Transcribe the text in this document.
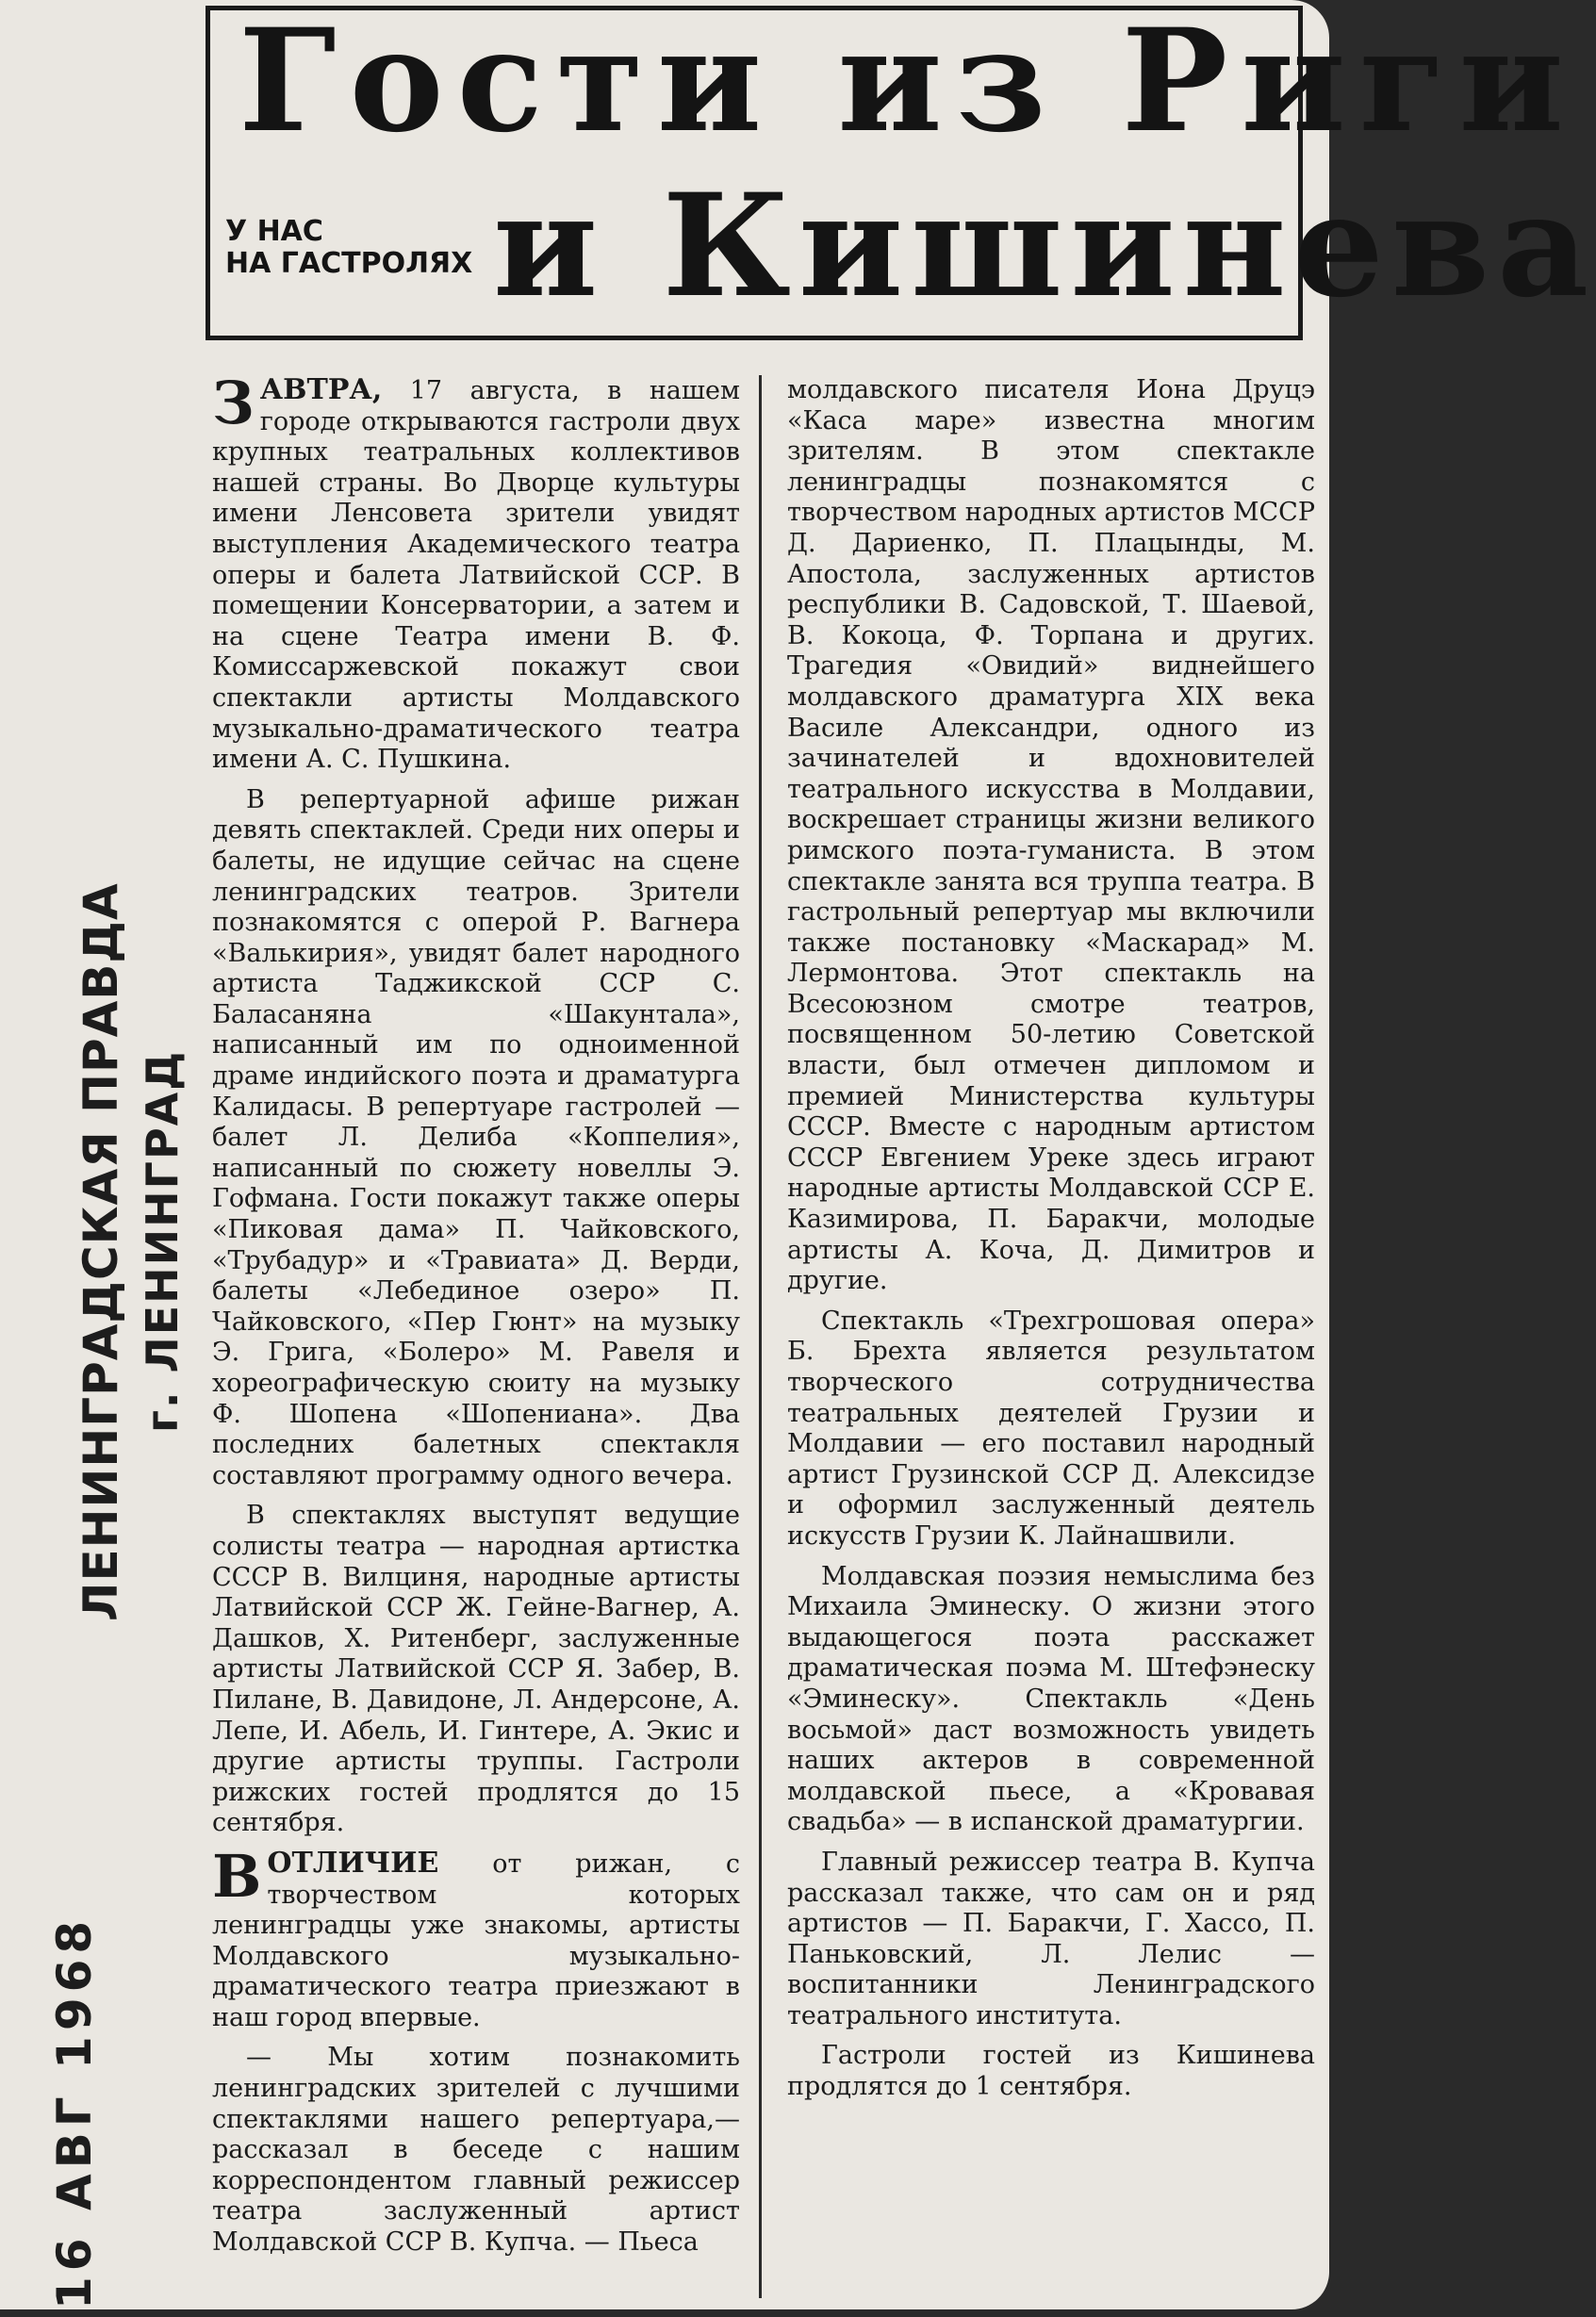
ЛЕНИНГРАДСКАЯ ПРАВДА г. ЛЕНИНГРАД
16 АВГ 1968
Гости из Риги
У НАС
НА ГАСТРОЛЯХ и Кишинева

ЗАВТРА, 17 августа, в нашем городе открываются гастроли двух крупных театральных коллективов нашей страны. Во Дворце культуры имени Ленсовета зрители увидят выступления Академического театра оперы и балета Латвийской ССР. В помещении Консерватории, а затем и на сцене Театра имени В. Ф. Комиссаржевской покажут свои спектакли артисты Молдавского музыкально-драматического театра имени А. С. Пушкина.

В репертуарной афише рижан девять спектаклей. Среди них оперы и балеты, не идущие сейчас на сцене ленинградских театров. Зрители познакомятся с оперой Р. Вагнера «Валькирия», увидят балет народного артиста Таджикской ССР С. Баласаняна «Шакунтала», написанный им по одноименной драме индийского поэта и драматурга Калидасы. В репертуаре гастролей — балет Л. Делиба «Коппелия», написанный по сюжету новеллы Э. Гофмана. Гости покажут также оперы «Пиковая дама» П. Чайковского, «Трубадур» и «Травиата» Д. Верди, балеты «Лебединое озеро» П. Чайковского, «Пер Гюнт» на музыку Э. Грига, «Болеро» М. Равеля и хореографическую сюиту на музыку Ф. Шопена «Шопениана». Два последних балетных спектакля составляют программу одного вечера.

В спектаклях выступят ведущие солисты театра — народная артистка СССР В. Вилциня, народные артисты Латвийской ССР Ж. Гейне-Вагнер, А. Дашков, Х. Ритенберг, заслуженные артисты Латвийской ССР Я. Забер, В. Пилане, В. Давидоне, Л. Андерсоне, А. Лепе, И. Абель, И. Гинтере, А. Экис и другие артисты труппы. Гастроли рижских гостей продлятся до 15 сентября.

ВОТЛИЧИЕ от рижан, с творчеством которых ленинградцы уже знакомы, артисты Молдавского музыкально-драматического театра приезжают в наш город впервые.

— Мы хотим познакомить ленинградских зрителей с лучшими спектаклями нашего репертуара,— рассказал в беседе с нашим корреспондентом главный режиссер театра заслуженный артист Молдавской ССР В. Купча. — Пьеса

молдавского писателя Иона Друцэ «Каса маре» известна многим зрителям. В этом спектакле ленинградцы познакомятся с творчеством народных артистов МССР Д. Дариенко, П. Плацынды, М. Апостола, заслуженных артистов республики В. Садовской, Т. Шаевой, В. Кокоца, Ф. Торпана и других. Трагедия «Овидий» виднейшего молдавского драматурга XIX века Василе Александри, одного из зачинателей и вдохновителей театрального искусства в Молдавии, воскрешает страницы жизни великого римского поэта-гуманиста. В этом спектакле занята вся труппа театра. В гастрольный репертуар мы включили также постановку «Маскарад» М. Лермонтова. Этот спектакль на Всесоюзном смотре театров, посвященном 50-летию Советской власти, был отмечен дипломом и премией Министерства культуры СССР. Вместе с народным артистом СССР Евгением Уреке здесь играют народные артисты Молдавской ССР Е. Казимирова, П. Баракчи, молодые артисты А. Коча, Д. Димитров и другие.

Спектакль «Трехгрошовая опера» Б. Брехта является результатом творческого сотрудничества театральных деятелей Грузии и Молдавии — его поставил народный артист Грузинской ССР Д. Алексидзе и оформил заслуженный деятель искусств Грузии К. Лайнашвили.

Молдавская поэзия немыслима без Михаила Эминеску. О жизни этого выдающегося поэта расскажет драматическая поэма М. Штефэнеску «Эминеску». Спектакль «День восьмой» даст возможность увидеть наших актеров в современной молдавской пьесе, а «Кровавая свадьба» — в испанской драматургии.

Главный режиссер театра В. Купча рассказал также, что сам он и ряд артистов — П. Баракчи, Г. Хассо, П. Паньковский, Л. Лелис — воспитанники Ленинградского театрального института.

Гастроли гостей из Кишинева продлятся до 1 сентября.
